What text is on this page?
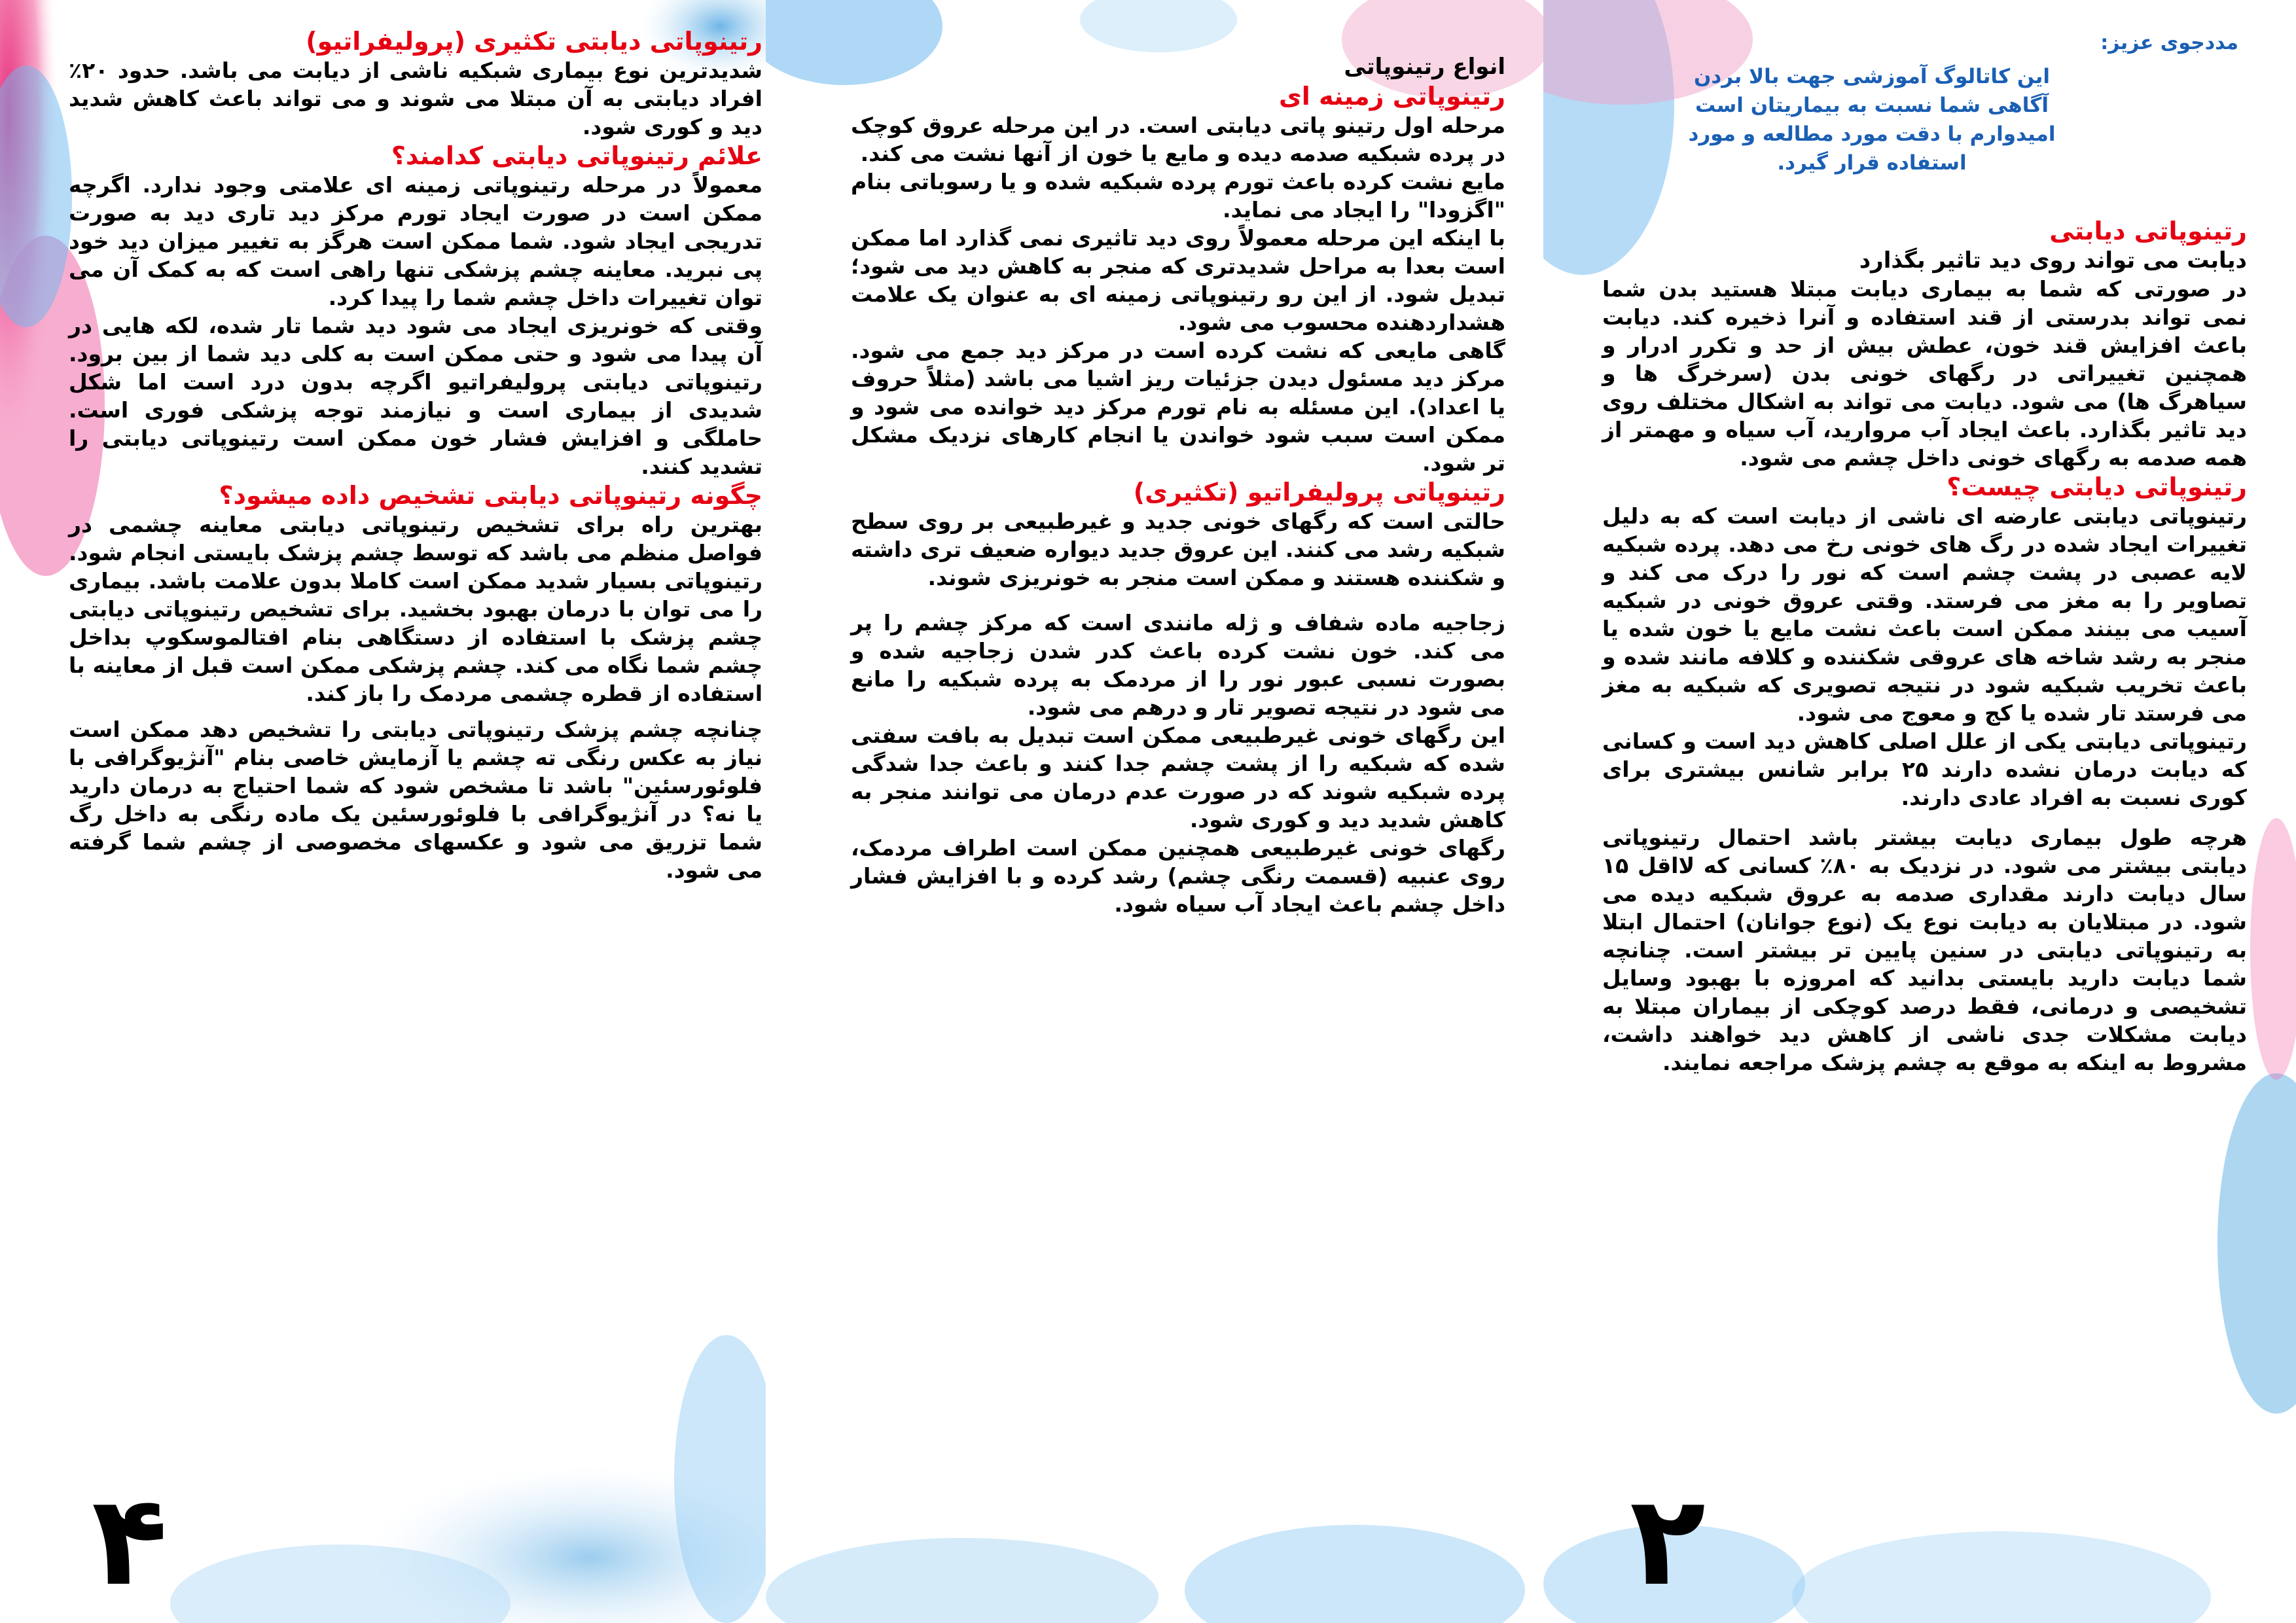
رتینوپاتی دیابتی تکثیری (پرولیفراتیو)

شدیدترین نوع بیماری شبکیه ناشی از دیابت می باشد. حدود ۲۰٪ افراد دیابتی به آن مبتلا می شوند و می تواند باعث کاهش شدید دید و کوری شود.

علائم رتینوپاتی دیابتی کدامند؟

معمولاً در مرحله رتینوپاتی زمینه ای علامتی وجود ندارد. اگرچه ممکن است در صورت ایجاد تورم مرکز دید تاری دید به صورت تدریجی ایجاد شود. شما ممکن است هرگز به تغییر میزان دید خود پی نبرید. معاینه چشم پزشکی تنها راهی است که به کمک آن می توان تغییرات داخل چشم شما را پیدا کرد.

وقتی که خونریزی ایجاد می شود دید شما تار شده، لکه هایی در آن پیدا می شود و حتی ممکن است به کلی دید شما از بین برود. رتینوپاتی دیابتی پرولیفراتیو اگرچه بدون درد است اما شکل شدیدی از بیماری است و نیازمند توجه پزشکی فوری است. حاملگی و افزایش فشار خون ممکن است رتینوپاتی دیابتی را تشدید کنند.

چگونه رتینوپاتی دیابتی تشخیص داده میشود؟

بهترین راه برای تشخیص رتینوپاتی دیابتی معاینه چشمی در فواصل منظم می باشد که توسط چشم پزشک بایستی انجام شود. رتینوپاتی بسیار شدید ممکن است کاملا بدون علامت باشد. بیماری را می توان با درمان بهبود بخشید. برای تشخیص رتینوپاتی دیابتی چشم پزشک با استفاده از دستگاهی بنام افتالموسکوپ بداخل چشم شما نگاه می کند. چشم پزشکی ممکن است قبل از معاینه با استفاده از قطره چشمی مردمک را باز کند.

چنانچه چشم پزشک رتینوپاتی دیابتی را تشخیص دهد ممکن است نیاز به عکس رنگی ته چشم یا آزمایش خاصی بنام "آنژیوگرافی با فلوئورسئین" باشد تا مشخص شود که شما احتیاج به درمان دارید یا نه؟ در آنژیوگرافی با فلوئورسئین یک ماده رنگی به داخل رگ شما تزریق می شود و عکسهای مخصوصی از چشم شما گرفته می شود.

۴

انواع رتینوپاتی

رتینوپاتی زمینه ای

مرحله اول رتینو پاتی دیابتی است. در این مرحله عروق کوچک در پرده شبکیه صدمه دیده و مایع یا خون از آنها نشت می کند.

مایع نشت کرده باعث تورم پرده شبکیه شده و یا رسوباتی بنام "اگزودا" را ایجاد می نماید.

با اینکه این مرحله معمولاً روی دید تاثیری نمی گذارد اما ممکن است بعدا به مراحل شدیدتری که منجر به کاهش دید می شود؛ تبدیل شود. از این رو رتینوپاتی زمینه ای به عنوان یک علامت هشداردهنده محسوب می شود.

گاهی مایعی که نشت کرده است در مرکز دید جمع می شود. مرکز دید مسئول دیدن جزئیات ریز اشیا می باشد (مثلاً حروف یا اعداد). این مسئله به نام تورم مرکز دید خوانده می شود و ممکن است سبب شود خواندن یا انجام کارهای نزدیک مشکل تر شود.

رتینوپاتی پرولیفراتیو (تکثیری)

حالتی است که رگهای خونی جدید و غیرطبیعی بر روی سطح شبکیه رشد می کنند. این عروق جدید دیواره ضعیف تری داشته و شکننده هستند و ممکن است منجر به خونریزی شوند.

زجاجیه ماده شفاف و ژله مانندی است که مرکز چشم را پر می کند. خون نشت کرده باعث کدر شدن زجاجیه شده و بصورت نسبی عبور نور را از مردمک به پرده شبکیه را مانع می شود در نتیجه تصویر تار و درهم می شود.

این رگهای خونی غیرطبیعی ممکن است تبدیل به بافت سفتی شده که شبکیه را از پشت چشم جدا کنند و باعث جدا شدگی پرده شبکیه شوند که در صورت عدم درمان می توانند منجر به کاهش شدید دید و کوری شود.

رگهای خونی غیرطبیعی همچنین ممکن است اطراف مردمک، روی عنبیه (قسمت رنگی چشم) رشد کرده و با افزایش فشار داخل چشم باعث ایجاد آب سیاه شود.

مددجوی عزیز:
این کاتالوگ آموزشی جهت بالا بردن آگاهی شما نسبت به بیماریتان است امیدوارم با دقت مورد مطالعه و مورد استفاده قرار گیرد.

رتینوپاتی دیابتی

دیابت می تواند روی دید تاثیر بگذارد

در صورتی که شما به بیماری دیابت مبتلا هستید بدن شما نمی تواند بدرستی از قند استفاده و آنرا ذخیره کند. دیابت باعث افزایش قند خون، عطش بیش از حد و تکرر ادرار و همچنین تغییراتی در رگهای خونی بدن (سرخرگ ها و سیاهرگ ها) می شود. دیابت می تواند به اشکال مختلف روی دید تاثیر بگذارد. باعث ایجاد آب مروارید، آب سیاه و مهمتر از همه صدمه به رگهای خونی داخل چشم می شود.

رتینوپاتی دیابتی چیست؟

رتینوپاتی دیابتی عارضه ای ناشی از دیابت است که به دلیل تغییرات ایجاد شده در رگ های خونی رخ می دهد. پرده شبکیه لایه عصبی در پشت چشم است که نور را درک می کند و تصاویر را به مغز می فرستد. وقتی عروق خونی در شبکیه آسیب می بینند ممکن است باعث نشت مایع یا خون شده یا منجر به رشد شاخه های عروقی شکننده و کلافه مانند شده و باعث تخریب شبکیه شود در نتیجه تصویری که شبکیه به مغز می فرستد تار شده یا کج و معوج می شود.

رتینوپاتی دیابتی یکی از علل اصلی کاهش دید است و کسانی که دیابت درمان نشده دارند ۲۵ برابر شانس بیشتری برای کوری نسبت به افراد عادی دارند.

هرچه طول بیماری دیابت بیشتر باشد احتمال رتینوپاتی دیابتی بیشتر می شود. در نزدیک به ۸۰٪ کسانی که لااقل ۱۵ سال دیابت دارند مقداری صدمه به عروق شبکیه دیده می شود. در مبتلایان به دیابت نوع یک (نوع جوانان) احتمال ابتلا به رتینوپاتی دیابتی در سنین پایین تر بیشتر است. چنانچه شما دیابت دارید بایستی بدانید که امروزه با بهبود وسایل تشخیصی و درمانی، فقط درصد کوچکی از بیماران مبتلا به دیابت مشکلات جدی ناشی از کاهش دید خواهند داشت، مشروط به اینکه به موقع به چشم پزشک مراجعه نمایند.

۲
